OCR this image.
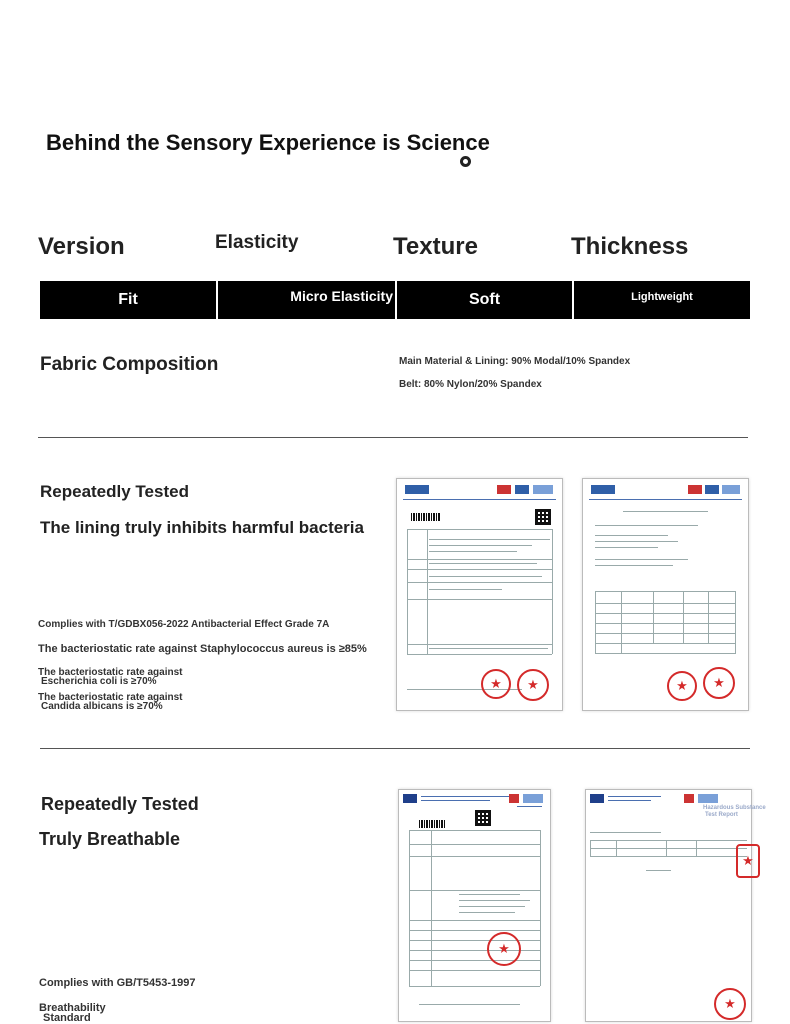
Behind the Sensory Experience is Science
Version	Elasticity	Texture	Thickness
Fit	Micro Elasticity	Soft	Lightweight
Fabric Composition	Main Material & Lining: 90% Modal/10% Spandex
Belt: 80% Nylon/20% Spandex
Repeatedly Tested
The lining truly inhibits harmful bacteria
Complies with T/GDBX056-2022 Antibacterial Effect Grade 7A
The bacteriostatic rate against Staphylococcus aureus is ≥85%
The bacteriostatic rate against
Escherichia coli is ≥70%
The bacteriostatic rate against
Candida albicans is ≥70%
★	★	★	★
Repeatedly Tested
Truly Breathable
Complies with GB/T5453-1997
Breathability
Standard
★
Hazardous Substance
Test Report
★
★
